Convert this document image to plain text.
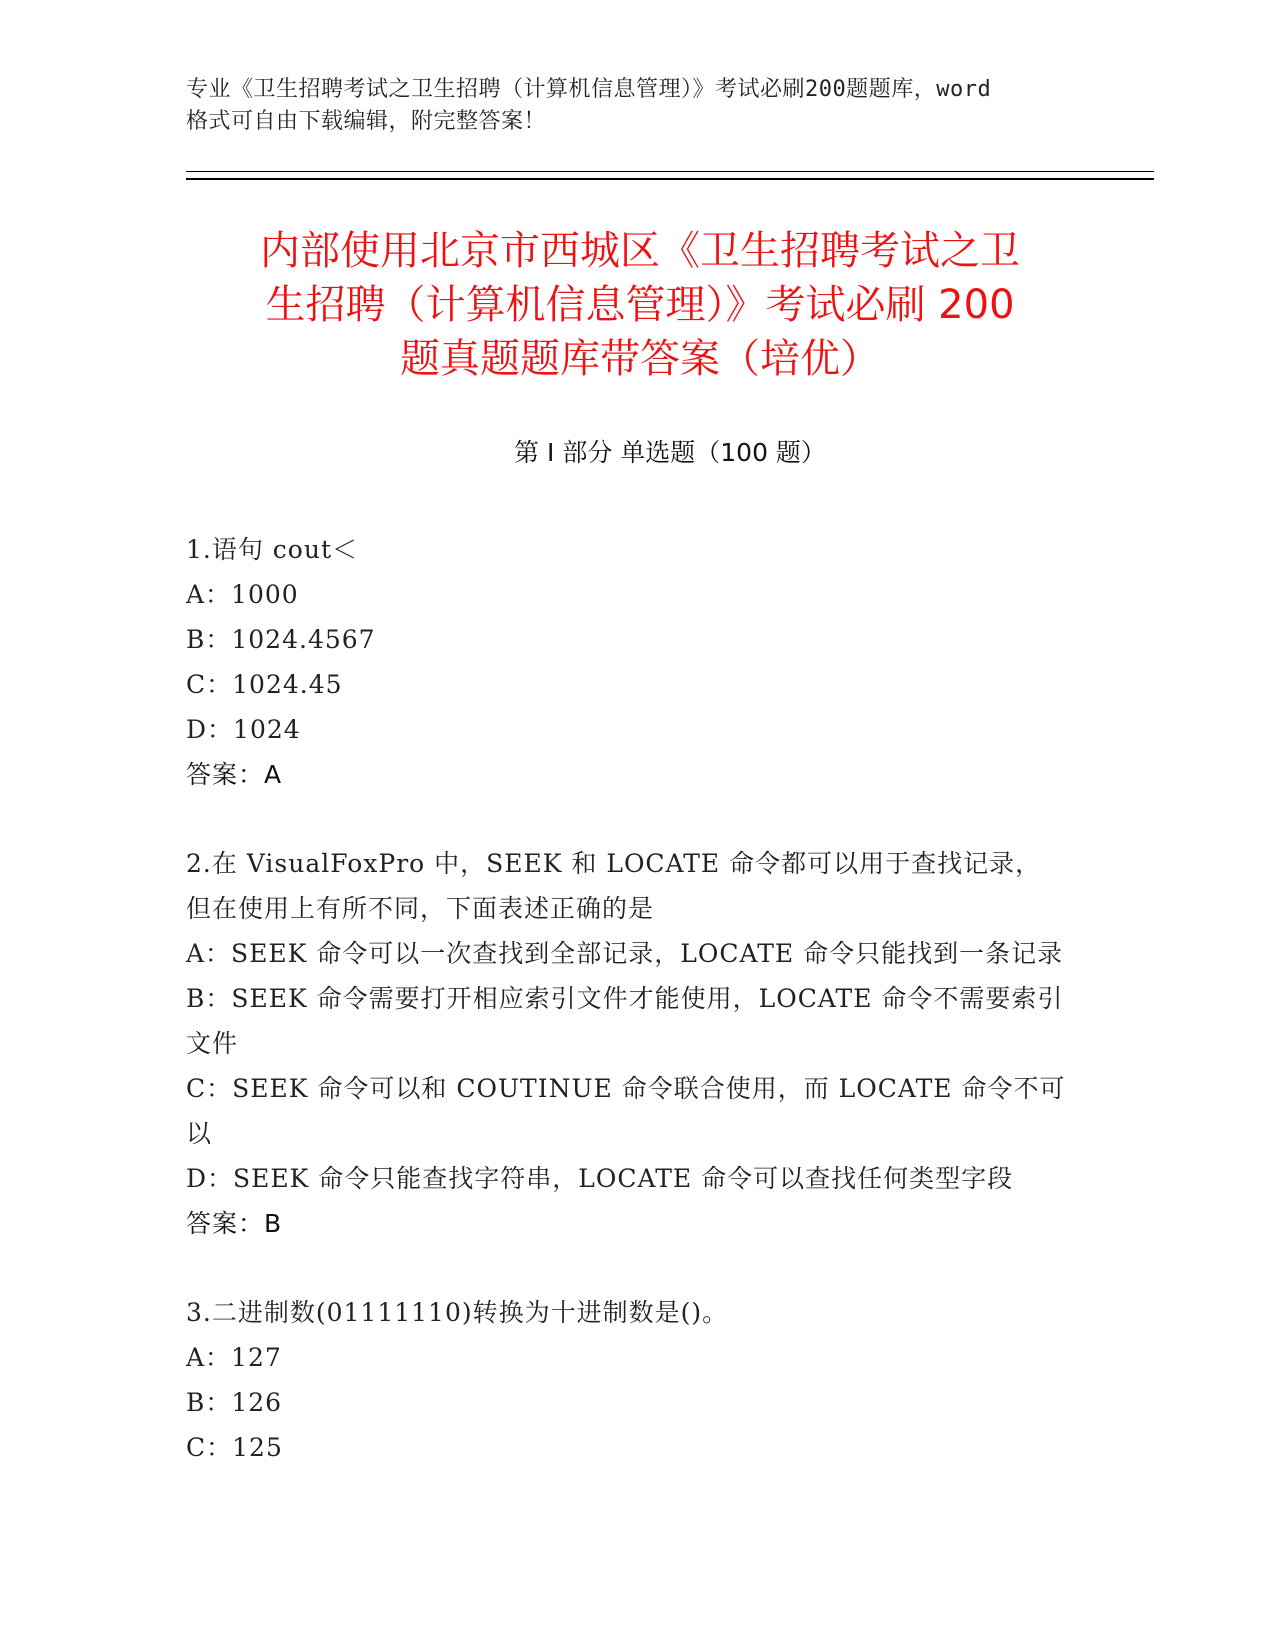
专业《卫生招聘考试之卫生招聘（计算机信息管理）》考试必刷200题题库，word
格式可自由下载编辑，附完整答案！
内部使用北京市西城区《卫生招聘考试之卫
生招聘（计算机信息管理）》考试必刷 200
题真题题库带答案（培优）
第 I 部分 单选题（100 题）

1.语句 cout＜

A：1000

B：1024.4567

C：1024.45

D：1024

答案：A

2.在 VisualFoxPro 中，SEEK 和 LOCATE 命令都可以用于查找记录，但在使用上有所不同，下面表述正确的是

A：SEEK 命令可以一次查找到全部记录，LOCATE 命令只能找到一条记录

B：SEEK 命令需要打开相应索引文件才能使用，LOCATE 命令不需要索引文件

C：SEEK 命令可以和 COUTINUE 命令联合使用，而 LOCATE 命令不可以

D：SEEK 命令只能查找字符串，LOCATE 命令可以查找任何类型字段

答案：B

3.二进制数(01111110)转换为十进制数是()。

A：127

B：126

C：125
